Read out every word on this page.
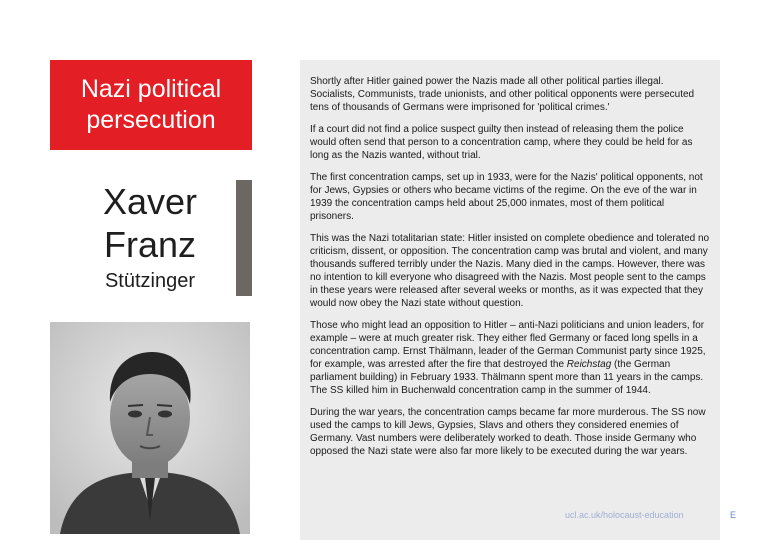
Nazi political persecution
Xaver
Franz
Stützinger

Shortly after Hitler gained power the Nazis made all other political parties illegal. Socialists, Communists, trade unionists, and other political opponents were persecuted tens of thousands of Germans were imprisoned for 'political crimes.'

If a court did not find a police suspect guilty then instead of releasing them the police would often send that person to a concentration camp, where they could be held for as long as the Nazis wanted, without trial.

The first concentration camps, set up in 1933, were for the Nazis' political opponents, not for Jews, Gypsies or others who became victims of the regime. On the eve of the war in 1939 the concentration camps held about 25,000 inmates, most of them political prisoners.

This was the Nazi totalitarian state: Hitler insisted on complete obedience and tolerated no criticism, dissent, or opposition. The concentration camp was brutal and violent, and many thousands suffered terribly under the Nazis. Many died in the camps. However, there was no intention to kill everyone who disagreed with the Nazis. Most people sent to the camps in these years were released after several weeks or months, as it was expected that they would now obey the Nazi state without question.

Those who might lead an opposition to Hitler – anti-Nazi politicians and union leaders, for example – were at much greater risk. They either fled Germany or faced long spells in a concentration camp. Ernst Thälmann, leader of the German Communist party since 1925, for example, was arrested after the fire that destroyed the Reichstag (the German parliament building) in February 1933. Thälmann spent more than 11 years in the camps. The SS killed him in Buchenwald concentration camp in the summer of 1944.

During the war years, the concentration camps became far more murderous. The SS now used the camps to kill Jews, Gypsies, Slavs and others they considered enemies of Germany. Vast numbers were deliberately worked to death. Those inside Germany who opposed the Nazi state were also far more likely to be executed during the war years.

ucl.ac.uk/holocaust-education	E
